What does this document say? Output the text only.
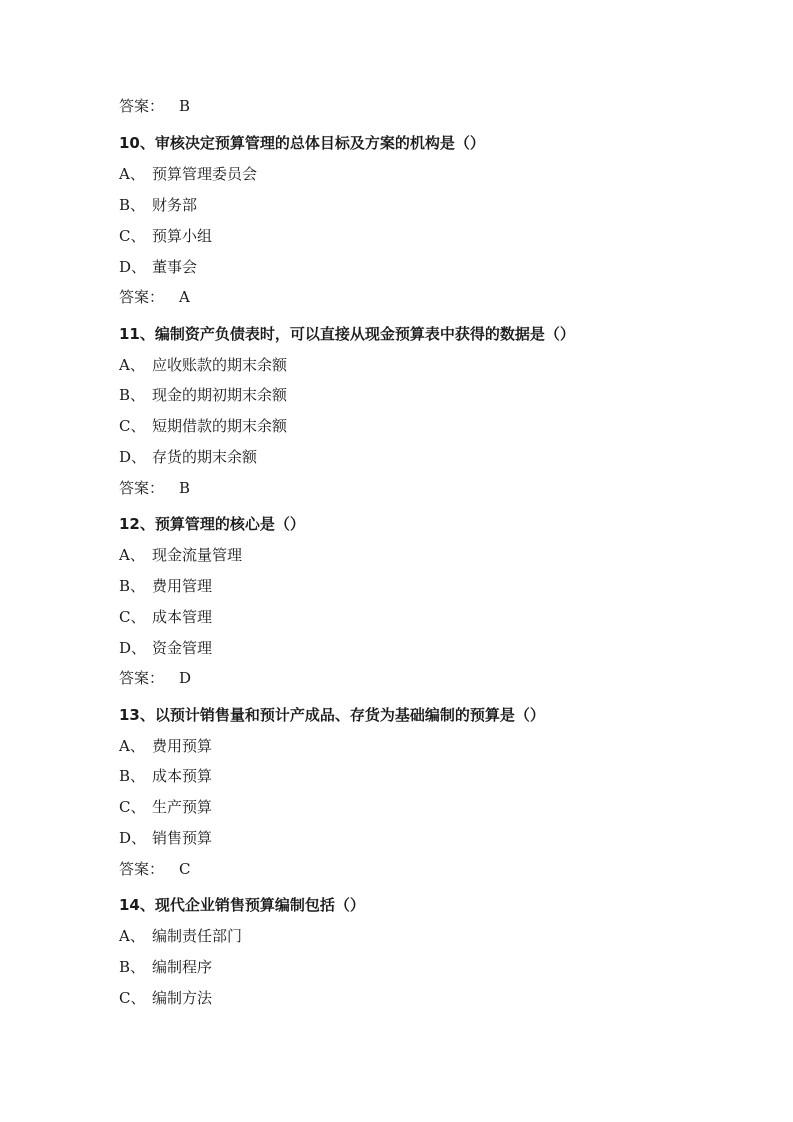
答案： B
10、审核决定预算管理的总体目标及方案的机构是（）
A、 预算管理委员会
B、 财务部
C、 预算小组
D、 董事会
答案： A
11、编制资产负债表时，可以直接从现金预算表中获得的数据是（）
A、 应收账款的期末余额
B、 现金的期初期末余额
C、 短期借款的期末余额
D、 存货的期末余额
答案： B
12、预算管理的核心是（）
A、 现金流量管理
B、 费用管理
C、 成本管理
D、 资金管理
答案： D
13、以预计销售量和预计产成品、存货为基础编制的预算是（）
A、 费用预算
B、 成本预算
C、 生产预算
D、 销售预算
答案： C
14、现代企业销售预算编制包括（）
A、 编制责任部门
B、 编制程序
C、 编制方法
